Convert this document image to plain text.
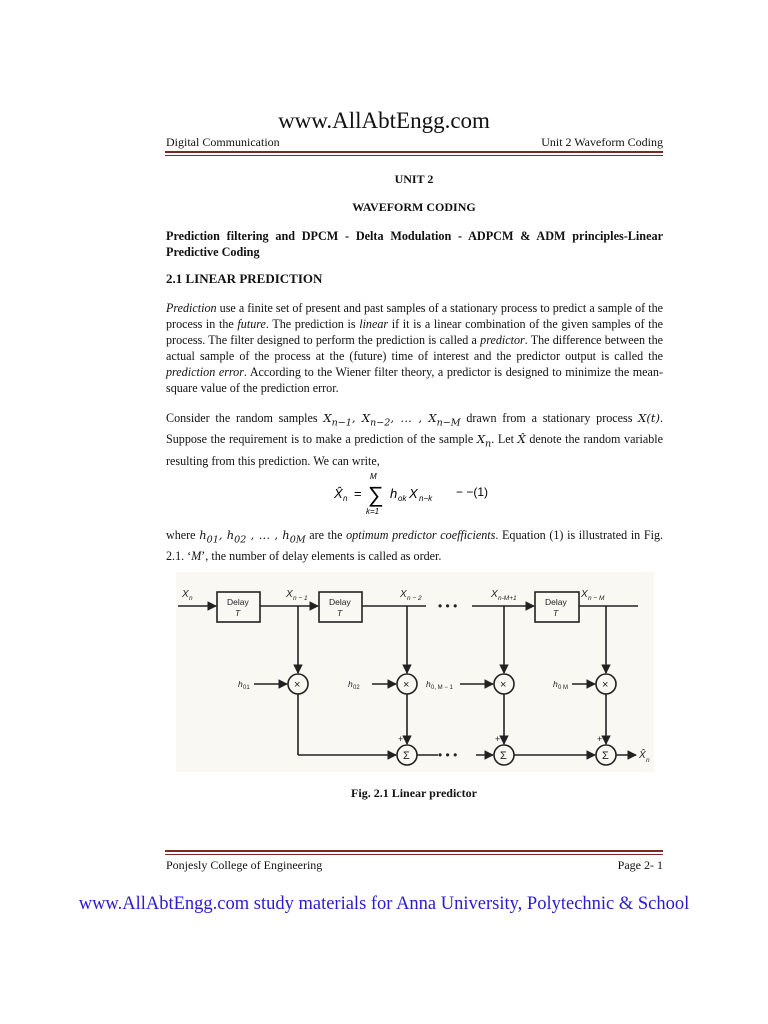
www.AllAbtEngg.com
Digital Communication	Unit 2 Waveform Coding
UNIT 2
WAVEFORM CODING
Prediction filtering and DPCM - Delta Modulation - ADPCM & ADM principles-Linear Predictive Coding
2.1 LINEAR PREDICTION
Prediction use a finite set of present and past samples of a stationary process to predict a sample of the process in the future. The prediction is linear if it is a linear combination of the given samples of the process. The filter designed to perform the prediction is called a predictor. The difference between the actual sample of the process at the (future) time of interest and the predictor output is called the prediction error. According to the Wiener filter theory, a predictor is designed to minimize the mean-square value of the prediction error.
Consider the random samples $X_{n-1}$, $X_{n-2}$, … , $X_{n-M}$ drawn from a stationary process X(t). Suppose the requirement is to make a prediction of the sample $X_n$. Let X̂ denote the random variable resulting from this prediction. We can write,
X̂ n =
M
∑
k=1
h ok X n−k − −(1)
where $h_{01}$, $h_{02}$ , … , $h_{0M}$ are the optimum predictor coefficients. Equation (1) is illustrated in Fig. 2.1. ‘M’, the number of delay elements is called as order.
X n	Delay
T
Delay
T
Delay
T
X n − 1	X n − 2	X n-M+1	X n − M
• • •
• • •
h 01	h 02	h 0, M − 1	h 0 M
×	×	×	×
Σ	Σ	Σ
+	+	+
X̂ n
Fig. 2.1 Linear predictor
Ponjesly College of Engineering	Page 2- 1
www.AllAbtEngg.com study materials for Anna University, Polytechnic & School
